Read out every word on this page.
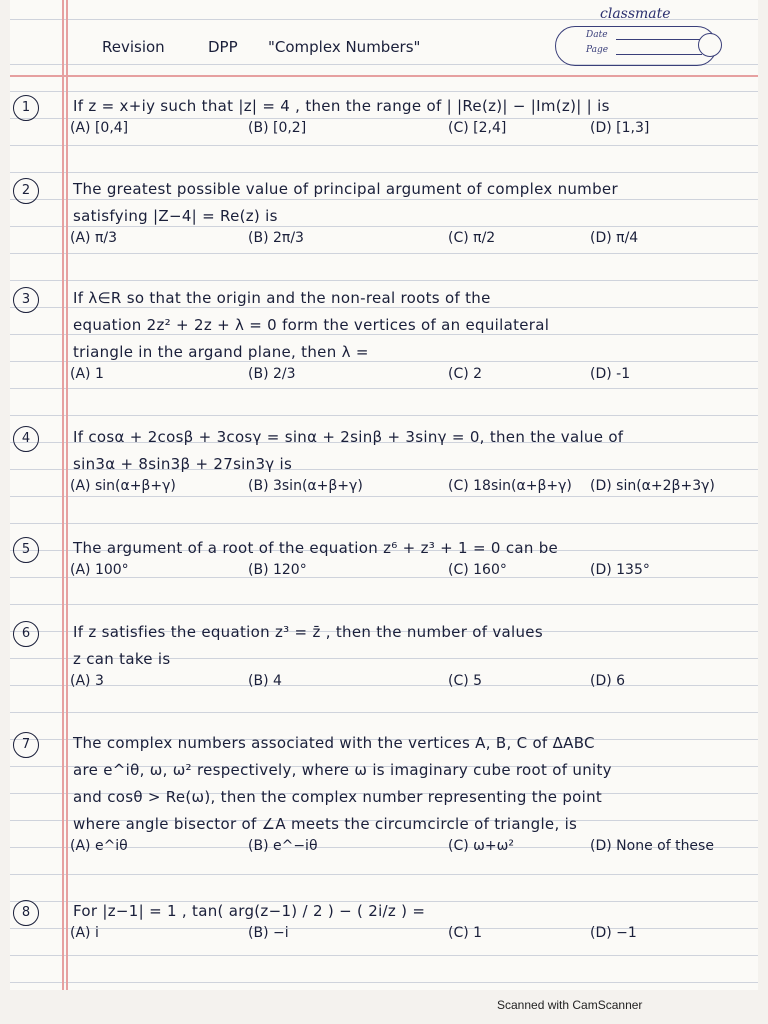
classmate
Date
Page
Revision	DPP "Complex Numbers"
1	If z = x+iy such that |z| = 4 , then the range of | |Re(z)| − |Im(z)| | is
(A) [0,4]	(B) [0,2]	(C) [2,4]	(D) [1,3]
2	The greatest possible value of principal argument of complex number
satisfying |Z−4| = Re(z) is
(A) π/3	(B) 2π/3	(C) π/2	(D) π/4
3	If λ∈R so that the origin and the non-real roots of the
equation 2z² + 2z + λ = 0 form the vertices of an equilateral
triangle in the argand plane, then λ =
(A) 1	(B) 2/3	(C) 2	(D) -1
4	If cosα + 2cosβ + 3cosγ = sinα + 2sinβ + 3sinγ = 0, then the value of
sin3α + 8sin3β + 27sin3γ is
(A) sin(α+β+γ)	(B) 3sin(α+β+γ)	(C) 18sin(α+β+γ) (D) sin(α+2β+3γ)
5	The argument of a root of the equation z⁶ + z³ + 1 = 0 can be
(A) 100°	(B) 120°	(C) 160°	(D) 135°
6	If z satisfies the equation z³ = z̄ , then the number of values
z can take is
(A) 3	(B) 4	(C) 5	(D) 6
7	The complex numbers associated with the vertices A, B, C of ΔABC
are e^iθ, ω, ω² respectively, where ω is imaginary cube root of unity
and cosθ > Re(ω), then the complex number representing the point
where angle bisector of ∠A meets the circumcircle of triangle, is
(A) e^iθ	(B) e^−iθ	(C) ω+ω²	(D) None of these
8	For |z−1| = 1 , tan( arg(z−1) / 2 ) − ( 2i/z ) =
(A) i	(B) −i	(C) 1	(D) −1
Scanned with CamScanner
